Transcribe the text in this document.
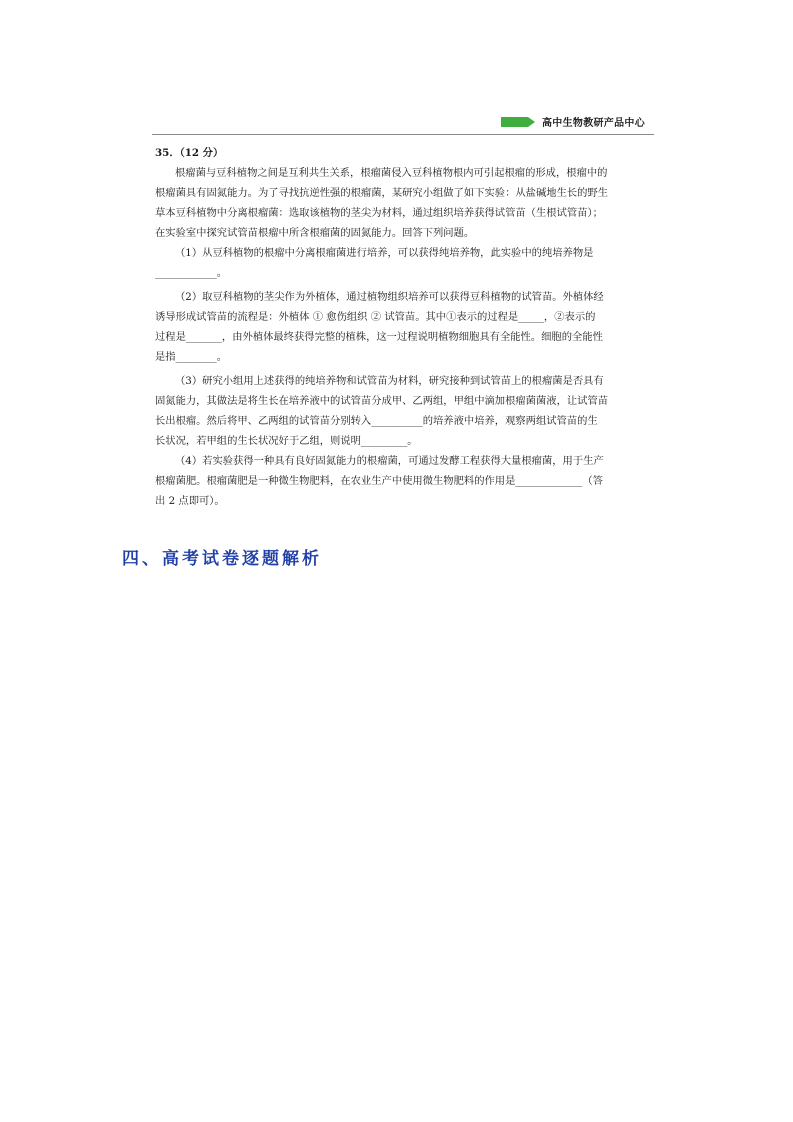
高中生物教研产品中心
35．（12 分）

根瘤菌与豆科植物之间是互利共生关系，根瘤菌侵入豆科植物根内可引起根瘤的形成，根瘤中的
根瘤菌具有固氮能力。为了寻找抗逆性强的根瘤菌，某研究小组做了如下实验：从盐碱地生长的野生
草本豆科植物中分离根瘤菌：选取该植物的茎尖为材料，通过组织培养获得试管苗（生根试管苗）；
在实验室中探究试管苗根瘤中所含根瘤菌的固氮能力。回答下列问题。

（1）从豆科植物的根瘤中分离根瘤菌进行培养，可以获得纯培养物，此实验中的纯培养物是
____________。

（2）取豆科植物的茎尖作为外植体，通过植物组织培养可以获得豆科植物的试管苗。外植体经
诱导形成试管苗的流程是：外植体 ① 愈伤组织 ② 试管苗。其中①表示的过程是_____，②表示的
过程是_______，由外植体最终获得完整的植株，这一过程说明植物细胞具有全能性。细胞的全能性
是指________。

（3）研究小组用上述获得的纯培养物和试管苗为材料，研究接种到试管苗上的根瘤菌是否具有
固氮能力，其做法是将生长在培养液中的试管苗分成甲、乙两组，甲组中滴加根瘤菌菌液，让试管苗
长出根瘤。然后将甲、乙两组的试管苗分别转入__________的培养液中培养，观察两组试管苗的生
长状况，若甲组的生长状况好于乙组，则说明_________。

（4）若实验获得一种具有良好固氮能力的根瘤菌，可通过发酵工程获得大量根瘤菌，用于生产
根瘤菌肥。根瘤菌肥是一种微生物肥料，在农业生产中使用微生物肥料的作用是_____________（答
出 2 点即可）。

四、高考试卷逐题解析
